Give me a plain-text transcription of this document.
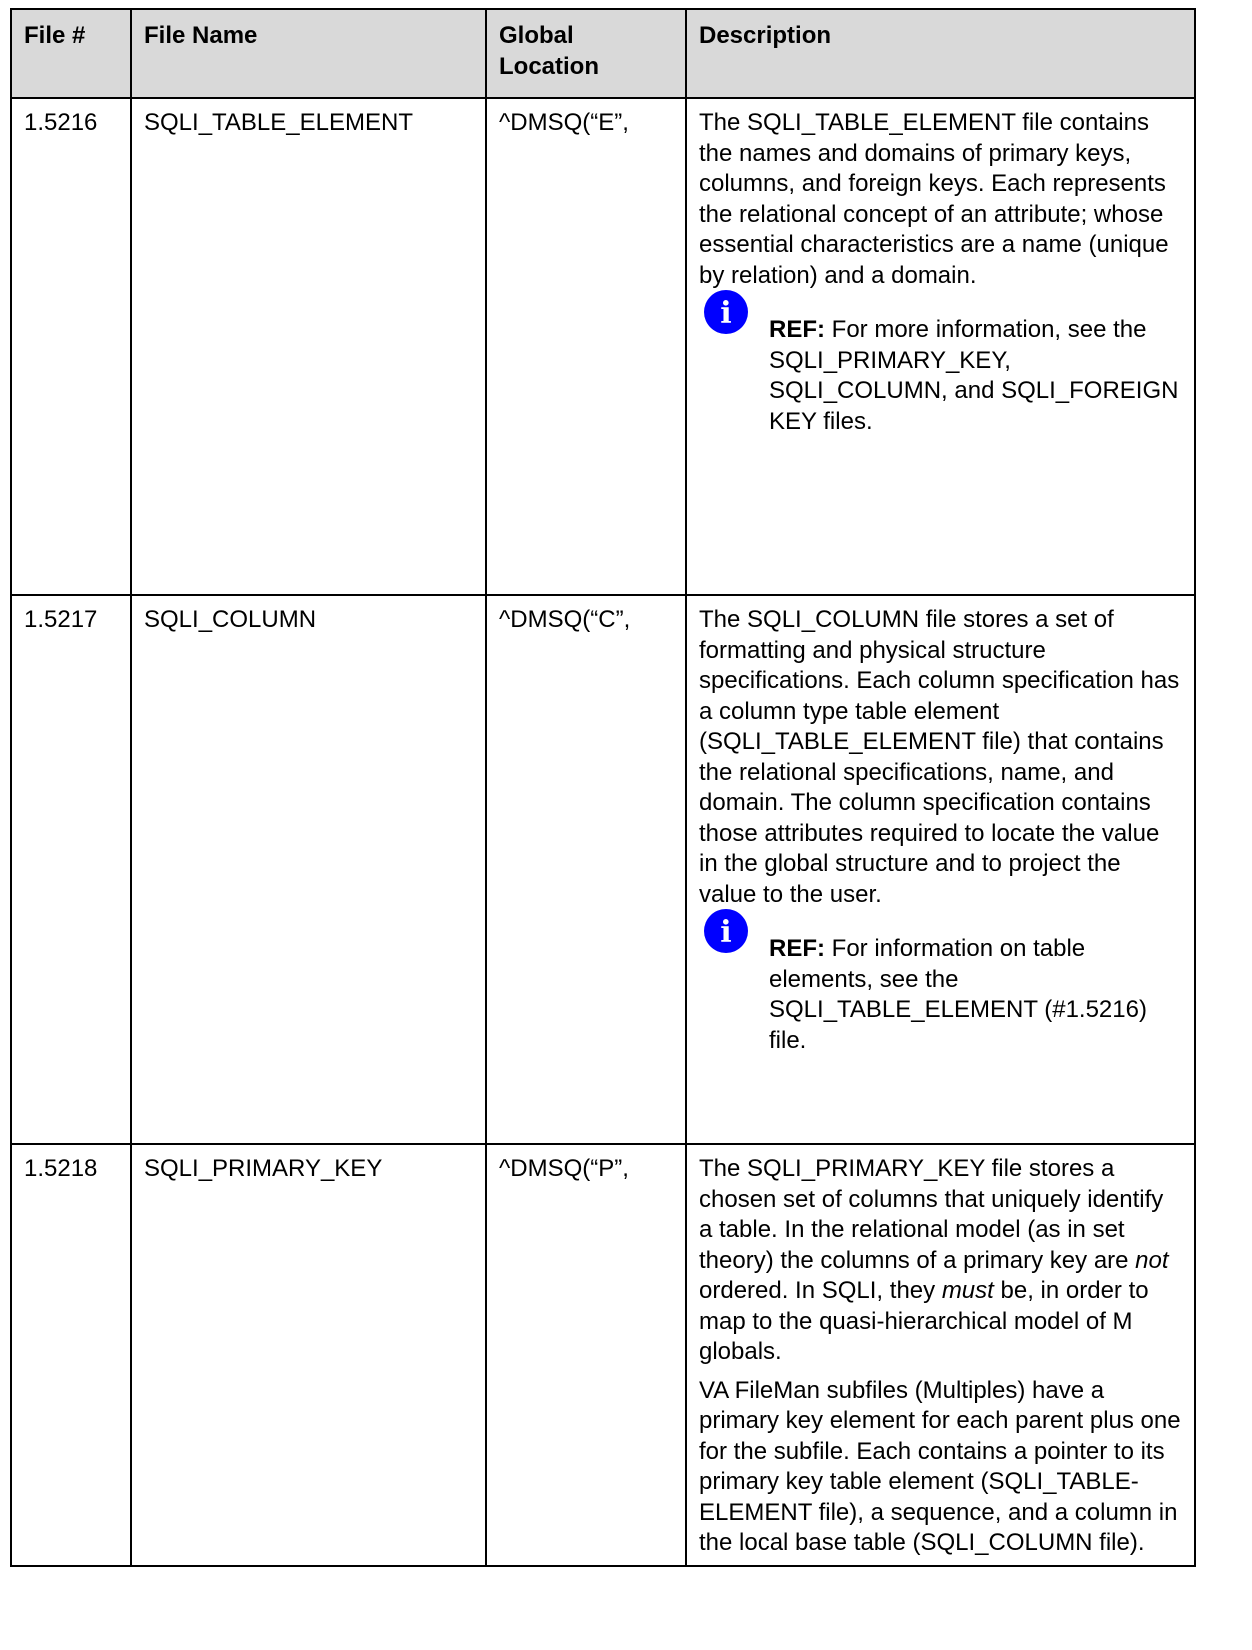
File #	File Name	Global Location	Description
1.5216	SQLI_TABLE_ELEMENT	^DMSQ(“E”,	The SQLI_TABLE_ELEMENT file contains the names and domains of primary keys, columns, and foreign keys. Each represents the relational concept of an attribute; whose essential characteristics are a name (unique by relation) and a domain.

i REF: For more information, see the SQLI_PRIMARY_KEY, SQLI_COLUMN, and SQLI_FOREIGN KEY files.

1.5217	SQLI_COLUMN	^DMSQ(“C”,	The SQLI_COLUMN file stores a set of formatting and physical structure specifications. Each column specification has a column type table element (SQLI_TABLE_ELEMENT file) that contains the relational specifications, name, and domain. The column specification contains those attributes required to locate the value in the global structure and to project the value to the user.

i REF: For information on table elements, see the SQLI_TABLE_ELEMENT (#1.5216) file.

1.5218	SQLI_PRIMARY_KEY	^DMSQ(“P”,	The SQLI_PRIMARY_KEY file stores a chosen set of columns that uniquely identify a table. In the relational model (as in set theory) the columns of a primary key are not ordered. In SQLI, they must be, in order to map to the quasi-hierarchical model of M globals.

VA FileMan subfiles (Multiples) have a primary key element for each parent plus one for the subfile. Each contains a pointer to its primary key table element (SQLI_TABLE-ELEMENT file), a sequence, and a column in the local base table (SQLI_COLUMN file).
